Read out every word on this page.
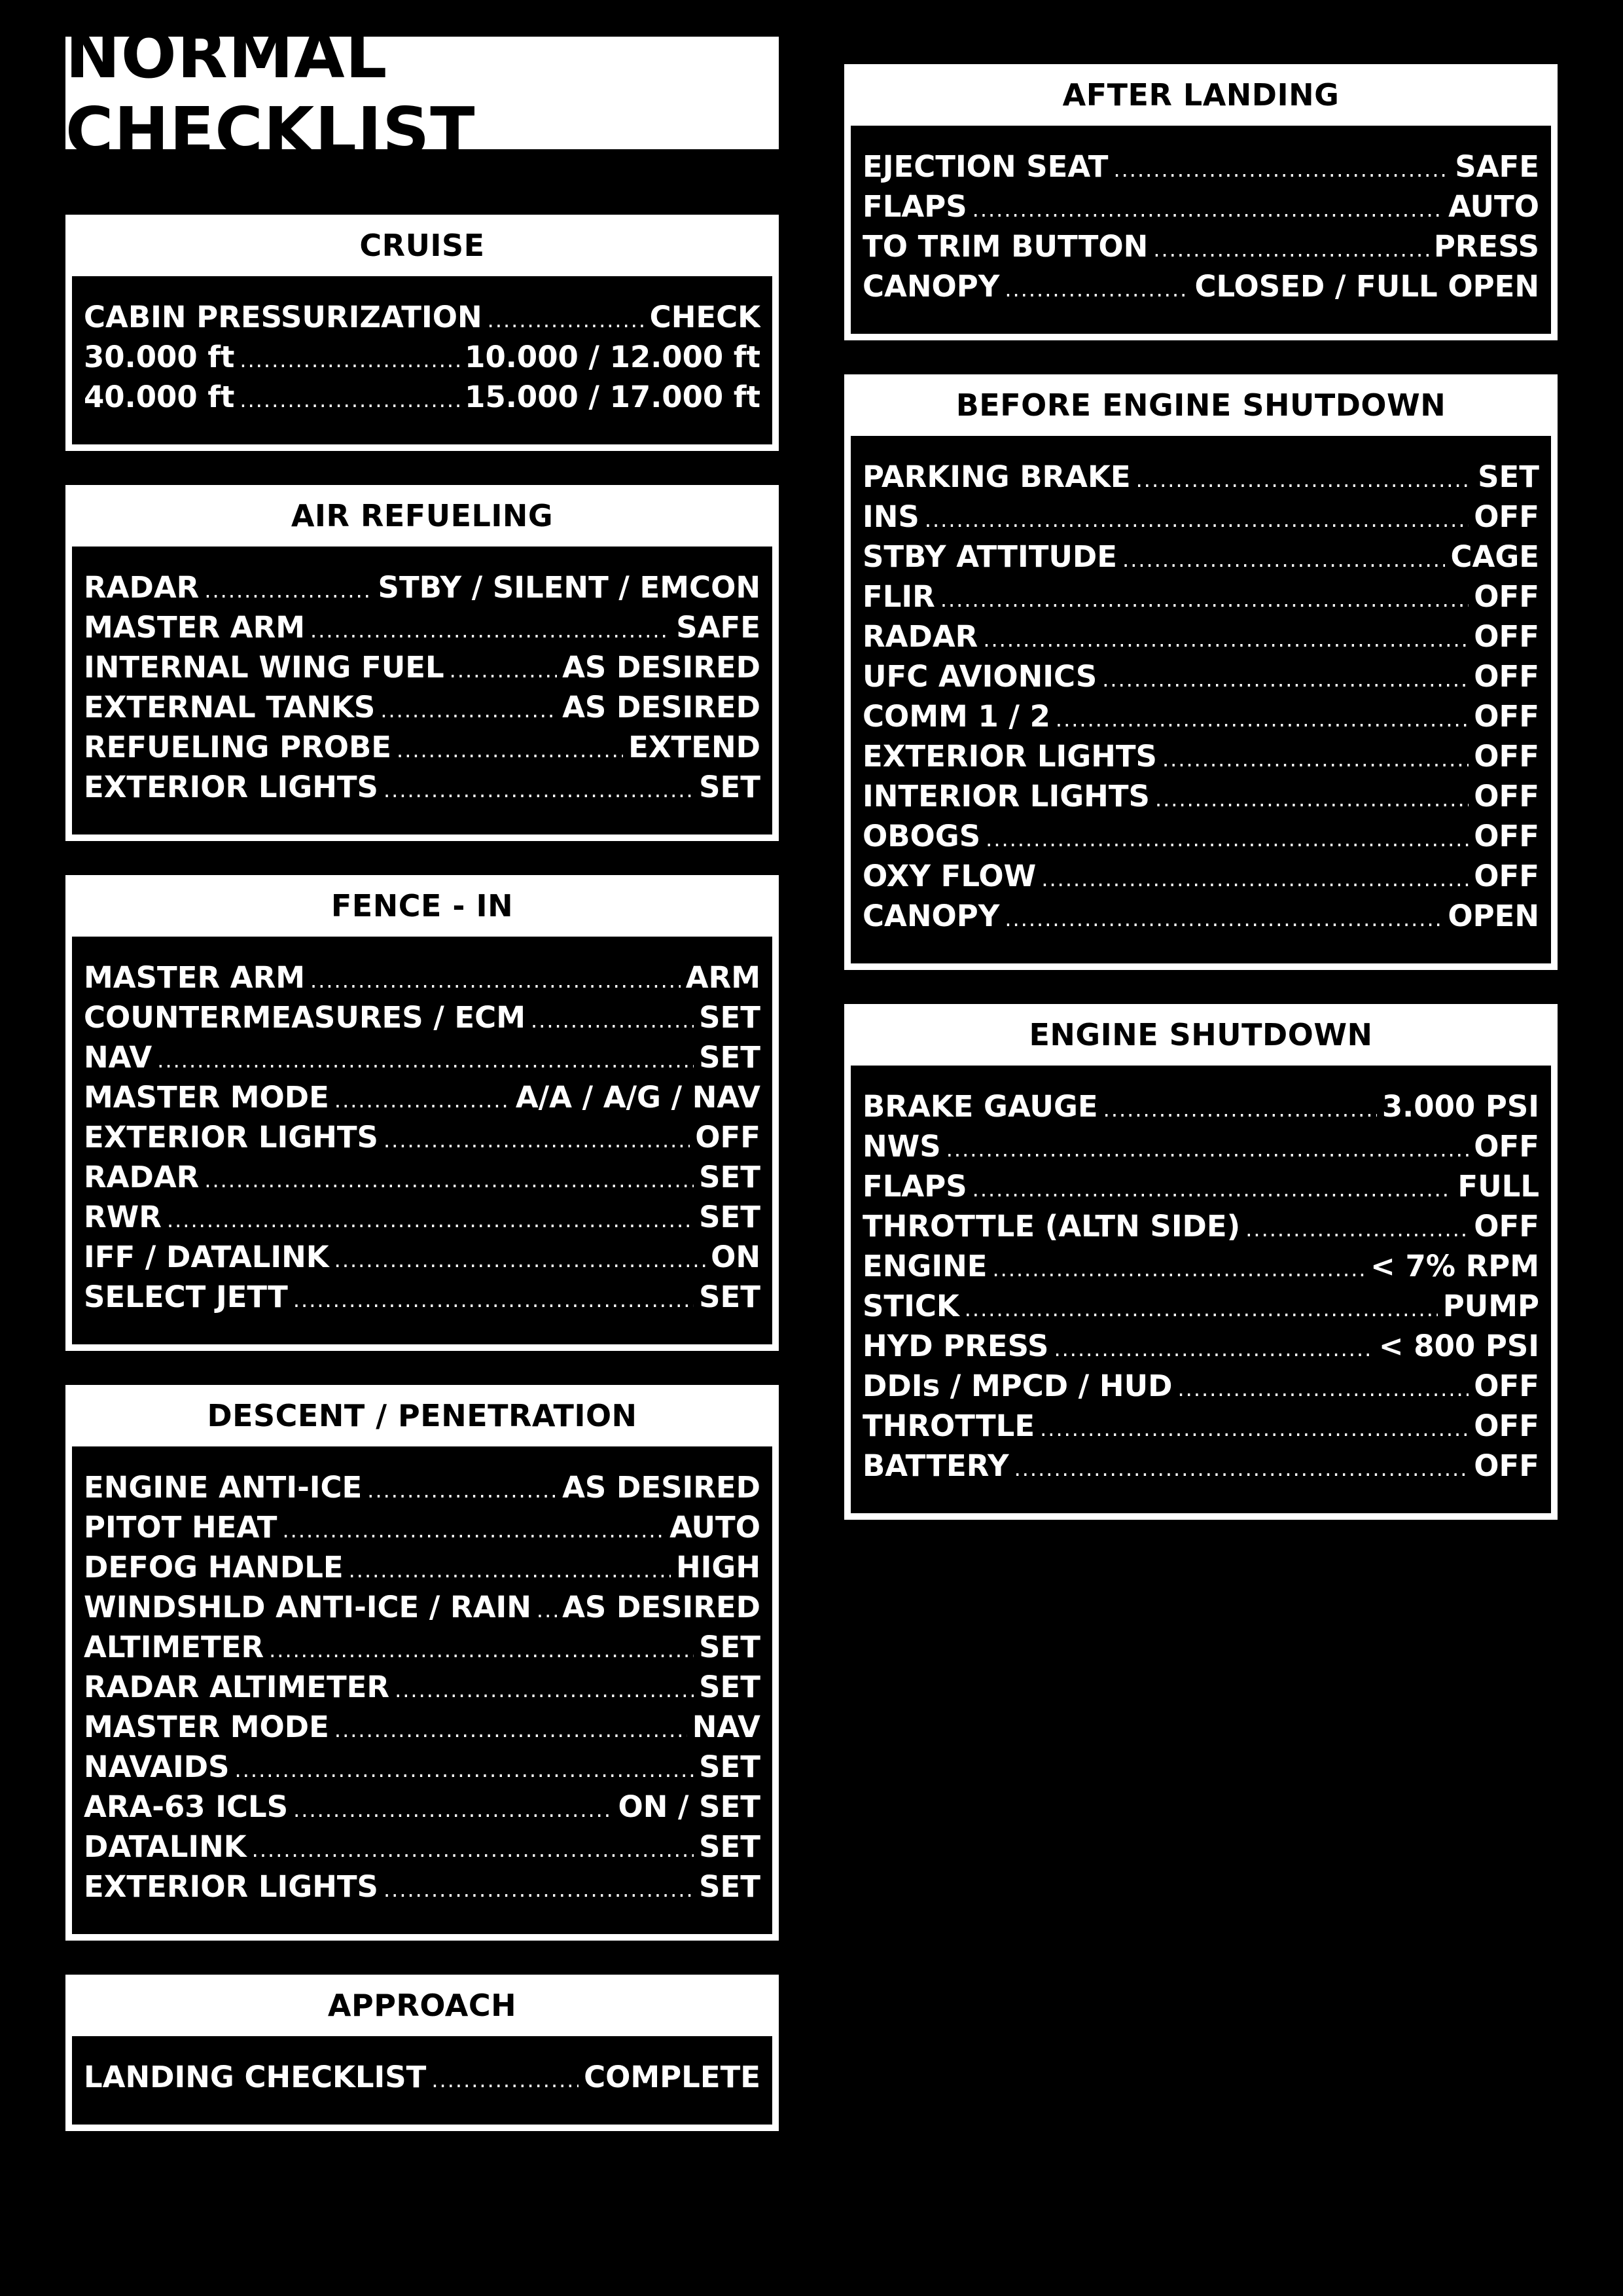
NORMAL CHECKLIST
CRUISE
CABIN PRESSURIZATION .....	CHECK
30.000 ft .....	10.000 / 12.000 ft
40.000 ft .....	15.000 / 17.000 ft
AIR REFUELING
RADAR .....	STBY / SILENT / EMCON
MASTER ARM .....	SAFE
INTERNAL WING FUEL .....	AS DESIRED
EXTERNAL TANKS .....	AS DESIRED
REFUELING PROBE .....	EXTEND
EXTERIOR LIGHTS .....	SET
FENCE - IN
MASTER ARM .....	ARM
COUNTERMEASURES / ECM .....	SET
NAV .....	SET
MASTER MODE .....	A/A / A/G / NAV
EXTERIOR LIGHTS .....	OFF
RADAR .....	SET
RWR .....	SET
IFF / DATALINK .....	ON
SELECT JETT .....	SET
DESCENT / PENETRATION
ENGINE ANTI-ICE .....	AS DESIRED
PITOT HEAT .....	AUTO
DEFOG HANDLE .....	HIGH
WINDSHLD ANTI-ICE / RAIN ..... AS DESIRED
ALTIMETER .....	SET
RADAR ALTIMETER .....	SET
MASTER MODE .....	NAV
NAVAIDS .....	SET
ARA-63 ICLS .....	ON / SET
DATALINK .....	SET
EXTERIOR LIGHTS .....	SET
APPROACH
LANDING CHECKLIST .....	COMPLETE
AFTER LANDING
EJECTION SEAT .....	SAFE
FLAPS .....	AUTO
TO TRIM BUTTON .....	PRESS
CANOPY .....	CLOSED / FULL OPEN
BEFORE ENGINE SHUTDOWN
PARKING BRAKE .....	SET
INS .....	OFF
STBY ATTITUDE .....	CAGE
FLIR .....	OFF
RADAR .....	OFF
UFC AVIONICS .....	OFF
COMM 1 / 2 .....	OFF
EXTERIOR LIGHTS .....	OFF
INTERIOR LIGHTS .....	OFF
OBOGS .....	OFF
OXY FLOW .....	OFF
CANOPY .....	OPEN
ENGINE SHUTDOWN
BRAKE GAUGE .....	3.000 PSI
NWS .....	OFF
FLAPS .....	FULL
THROTTLE (ALTN SIDE) .....	OFF
ENGINE .....	< 7% RPM
STICK .....	PUMP
HYD PRESS .....	< 800 PSI
DDIs / MPCD / HUD .....	OFF
THROTTLE .....	OFF
BATTERY .....	OFF
